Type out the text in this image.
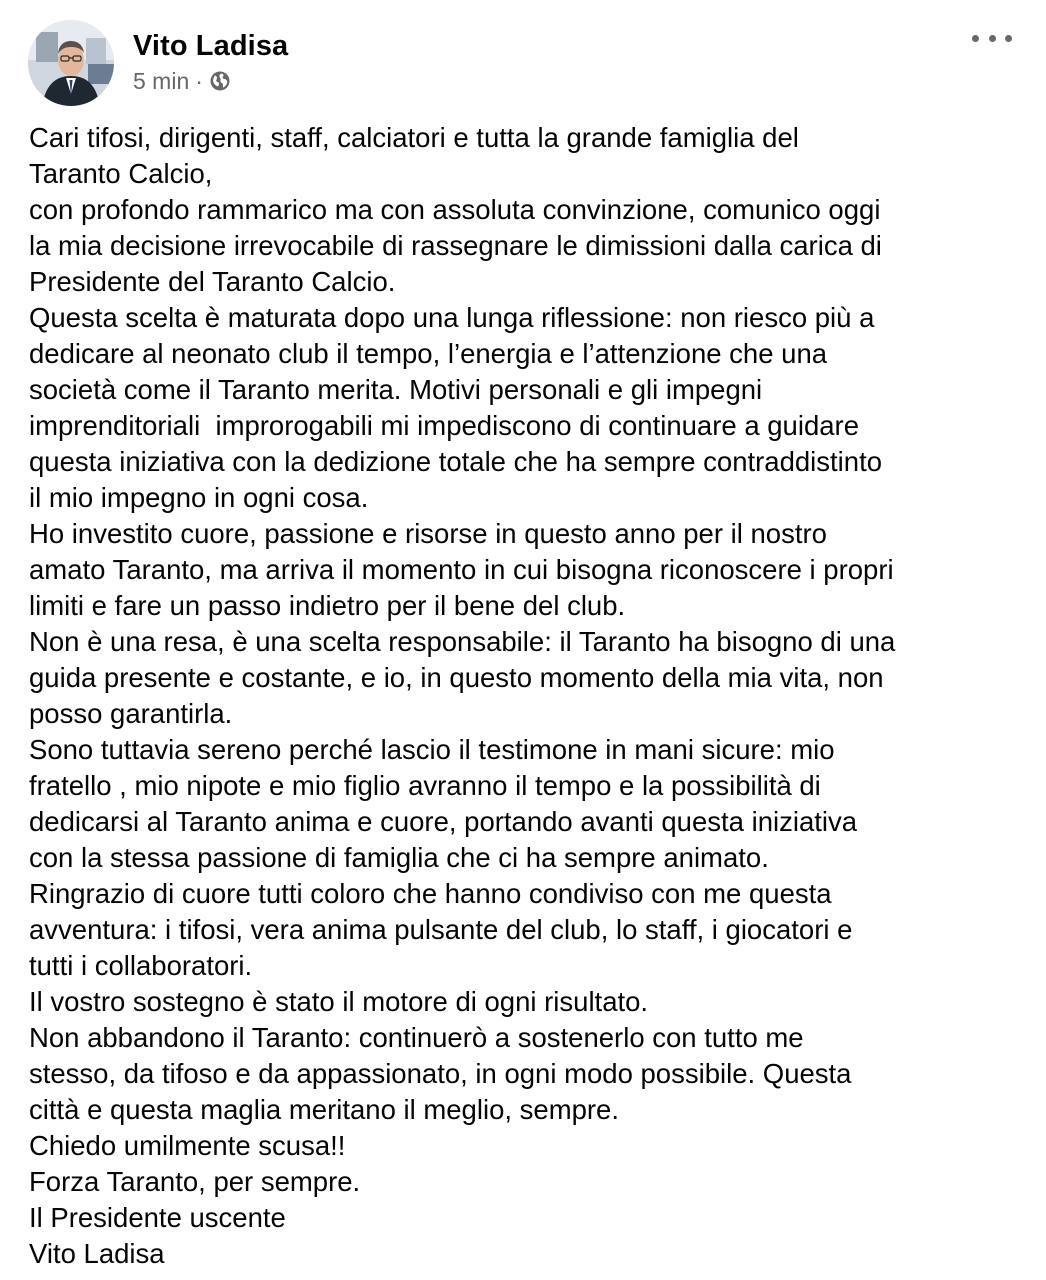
Vito Ladisa
5 min ·
Cari tifosi, dirigenti, staff, calciatori e tutta la grande famiglia del
Taranto Calcio,
con profondo rammarico ma con assoluta convinzione, comunico oggi
la mia decisione irrevocabile di rassegnare le dimissioni dalla carica di
Presidente del Taranto Calcio.
Questa scelta è maturata dopo una lunga riflessione: non riesco più a
dedicare al neonato club il tempo, l’energia e l’attenzione che una
società come il Taranto merita. Motivi personali e gli impegni
imprenditoriali  improrogabili mi impediscono di continuare a guidare
questa iniziativa con la dedizione totale che ha sempre contraddistinto
il mio impegno in ogni cosa.
Ho investito cuore, passione e risorse in questo anno per il nostro
amato Taranto, ma arriva il momento in cui bisogna riconoscere i propri
limiti e fare un passo indietro per il bene del club.
Non è una resa, è una scelta responsabile: il Taranto ha bisogno di una
guida presente e costante, e io, in questo momento della mia vita, non
posso garantirla.
Sono tuttavia sereno perché lascio il testimone in mani sicure: mio
fratello , mio nipote e mio figlio avranno il tempo e la possibilità di
dedicarsi al Taranto anima e cuore, portando avanti questa iniziativa
con la stessa passione di famiglia che ci ha sempre animato.
Ringrazio di cuore tutti coloro che hanno condiviso con me questa
avventura: i tifosi, vera anima pulsante del club, lo staff, i giocatori e
tutti i collaboratori.
Il vostro sostegno è stato il motore di ogni risultato.
Non abbandono il Taranto: continuerò a sostenerlo con tutto me
stesso, da tifoso e da appassionato, in ogni modo possibile. Questa
città e questa maglia meritano il meglio, sempre.
Chiedo umilmente scusa!!
Forza Taranto, per sempre.
Il Presidente uscente
Vito Ladisa
